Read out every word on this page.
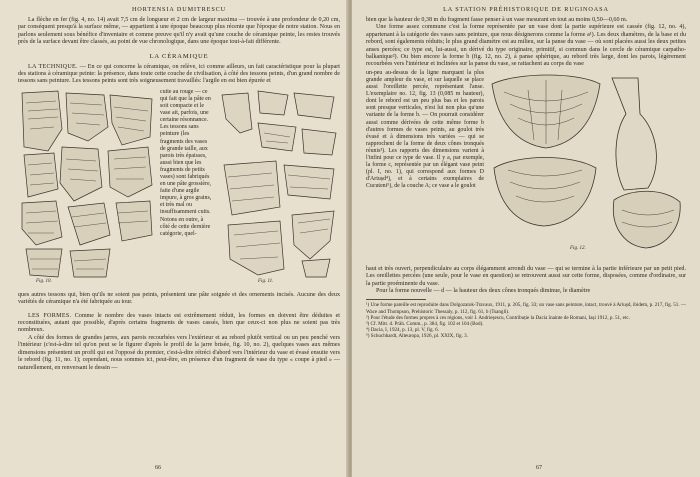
HORTENSIA DUMITRESCU

La flèche en fer (fig. 4, no. 14) avait 7,5 cm de longueur et 2 cm de largeur maxima — trouvée à une profondeur de 0,20 cm, par conséquent presqu'à la surface même, — appartient à une époque beaucoup plus récente que l'époque de notre station. Nous en parlons seulement sous bénéfice d'inventaire et comme preuve qu'il n'y avait qu'une couche de céramique peinte, les restes trouvés près de la surface devant être classés, au point de vue chronologique, dans une époque tout-à-fait différente.

LA CÉRAMIQUE

LA TECHNIQUE. — En ce qui concerne la céramique, on relève, ici comme ailleurs, un fait caractéristique pour la plupart des stations à céramique peinte: la présence, dans toute cette couche de civilisation, à côté des tessons peints, d'un grand nombre de tessons sans peinture. Les tessons peints sont très soigneusement travaillés: l'argile en est bien épurée et

Fig. 10.

cuite au rouge — ce qui fait que la pâte en soit compacte et le vase ait, parfois, une certaine résonnance. Les tessons sans peinture (les fragments des vases de grande taille, aux parois très épaisses, aussi bien que les fragments de petits vases) sont fabriqués en une pâte grossière, faite d'une argile impure, à gros grains, et très mal ou insuffisamment cuits. Notons en outre, à côté de cette dernière catégorie, quel-

Fig. 11.

ques autres tessons qui, bien qu'ils ne soient pas peints, présentent une pâte soignée et des ornements incisés. Aucune des deux variétés de céramique n'a été fabriquée au tour.

LES FORMES. Comme le nombre des vases intacts est extrêmement réduit, les formes en doivent être déduites et reconstituées, autant que possible, d'après certains fragments de vases cassés, bien que ceux-ci non plus ne soient pas très nombreux.

A côté des formes de grandes jarres, aux parois recourbées vers l'extérieur et au rebord plutôt vertical ou un peu penché vers l'intérieur (c'est-à-dire tel qu'on peut se le figurer d'après le profil de la jarre brisée, fig. 10, no. 2), quelques vases aux mêmes dimensions présentent un profil qui est l'opposé du premier, c'est-à-dire rétréci d'abord vers l'intérieur du vase et évasé ensuite vers le rebord (fig. 11, no. 1); cependant, nous sommes ici, peut-être, en présence d'un fragment de vase du type « coupe à pied » — naturellement, en renversant le dessin —

66
LA STATION PRÉHISTORIQUE DE RUGINOASA

bien que la hauteur de 0,38 m du fragment fasse penser à un vase mesurant en tout au moins 0,50—0,60 m.

Une forme assez commune c'est la forme représentée par un vase dont la partie supérieure est cassée (fig. 12, no. 4), appartenant à la catégorie des vases sans peinture, que nous désignerons comme la forme a¹). Les deux diamètres, de la base et du rebord, sont égalements réduits; le plus grand diamètre est au milieu, sur la panse du vase — où sont placées aussi les deux petites anses percées; ce type est, lui-aussi, un dérivé du type originaire, primitif, si commun dans le cercle de céramique carpatho-balkanique²). Ou bien encore la forme b (fig. 12, no. 2), à panse sphérique, au rebord très large, dont les parois, légèrement recourbées vers l'intérieur et inclinées sur la panse du vase, se rattachent au corps du vase

un-peu au-dessus de la ligne marquant la plus grande ampleur du vase, et sur laquelle se place aussi l'oreillette percée, représentant l'anse. L'exemplaire no. 12, fig. 13 (0,085 m hauteur), dont le rebord est un peu plus bas et les parois sont presque verticales, n'est lui non plus qu'une variante de la forme b. — On pourrait considérer aussi comme dérivées de cette même forme b d'autres formes de vases peints, au goulot très évasé et à dimensions très variées — qui se rapprochent de la forme de deux cônes tronqués réunis³). Les rapports des dimensions varient à l'infini pour ce type de vase. Il y a, par exemple, la forme c, représentée par un élégant vase peint (pl. I, no. 1), qui correspond aux formes D d'Ariușd⁴), et à certains exemplaires de Cucuteni⁵), de la couche A; ce vase a le goulot

Fig. 12.

haut et très ouvert, perpendiculaire au corps élégamment arrondi du vase — qui se termine à la partie inférieure par un petit pied. Les oreillettes percées (une seule, pour le vase en question) se retrouvent aussi sur cette forme, disposées, comme d'ordinaire, sur la partie proéminente du vase.

Pour la forme nouvelle — d — la hauteur des deux cônes tronqués diminue, le diamètre

¹) Une forme pareille est reproduite dans Dolgozatok-Travaux, 1911, p. 205, fig. 33; un vase sans peinture, intact, trouvé à Ariușd, ibidem, p. 217, fig. 51. — Wace and Thompson, Prehistoric Thessaly, p. 112, fig. 61, b (Tsangli).

²) Pour l'étude des formes propres à ces régions, voir I. Andrieșescu, Contribuție la Dacia înainte de Romani, Iași 1912, p. 51, etc.

³) Cf. Mitt. d. Präh. Comm., p. 384, fig. 102 et 104 (Bod).

⁴) Dacia, I, 1924, p. 13, pl. V, fig. 6.

⁵) Schuchhardt, Alteuropa, 1926, pl. XXIX, fig. 3.

67
